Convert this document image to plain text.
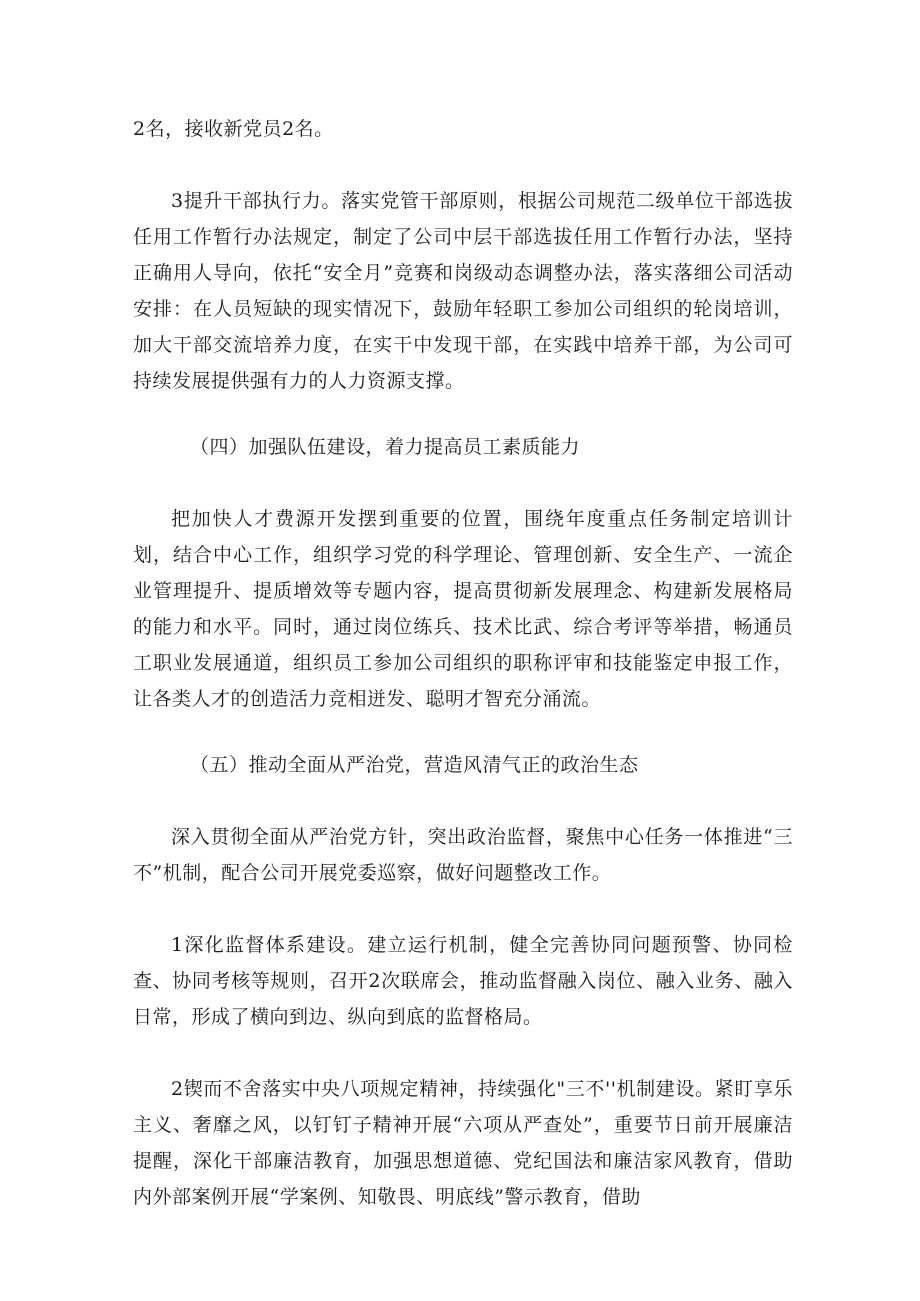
2名，接收新党员2名。

3提升干部执行力。落实党管干部原则，根据公司规范二级单位干部选拔任用工作暂行办法规定，制定了公司中层干部选拔任用工作暂行办法，坚持正确用人导向，依托“安全月”竞赛和岗级动态调整办法，落实落细公司活动安排：在人员短缺的现实情况下，鼓励年轻职工参加公司组织的轮岗培训，加大干部交流培养力度，在实干中发现干部，在实践中培养干部，为公司可持续发展提供强有力的人力资源支撑。

（四）加强队伍建设，着力提高员工素质能力

把加快人才费源开发摆到重要的位置，围绕年度重点任务制定培训计划，结合中心工作，组织学习党的科学理论、管理创新、安全生产、一流企业管理提升、提质增效等专题内容，提高贯彻新发展理念、构建新发展格局的能力和水平。同时，通过岗位练兵、技术比武、综合考评等举措，畅通员工职业发展通道，组织员工参加公司组织的职称评审和技能鉴定申报工作，让各类人才的创造活力竞相迸发、聪明才智充分涌流。

（五）推动全面从严治党，营造风清气正的政治生态

深入贯彻全面从严治党方针，突出政治监督，聚焦中心任务一体推进“三不”机制，配合公司开展党委巡察，做好问题整改工作。

1深化监督体系建设。建立运行机制，健全完善协同问题预警、协同检查、协同考核等规则，召开2次联席会，推动监督融入岗位、融入业务、融入日常，形成了横向到边、纵向到底的监督格局。

2锲而不舍落实中央八项规定精神，持续强化"三不''机制建设。紧盯享乐主义、奢靡之风，以钉钉子精神开展“六项从严查处”，重要节日前开展廉洁提醒，深化干部廉洁教育，加强思想道德、党纪国法和廉洁家风教育，借助内外部案例开展“学案例、知敬畏、明底线”警示教育，借助
